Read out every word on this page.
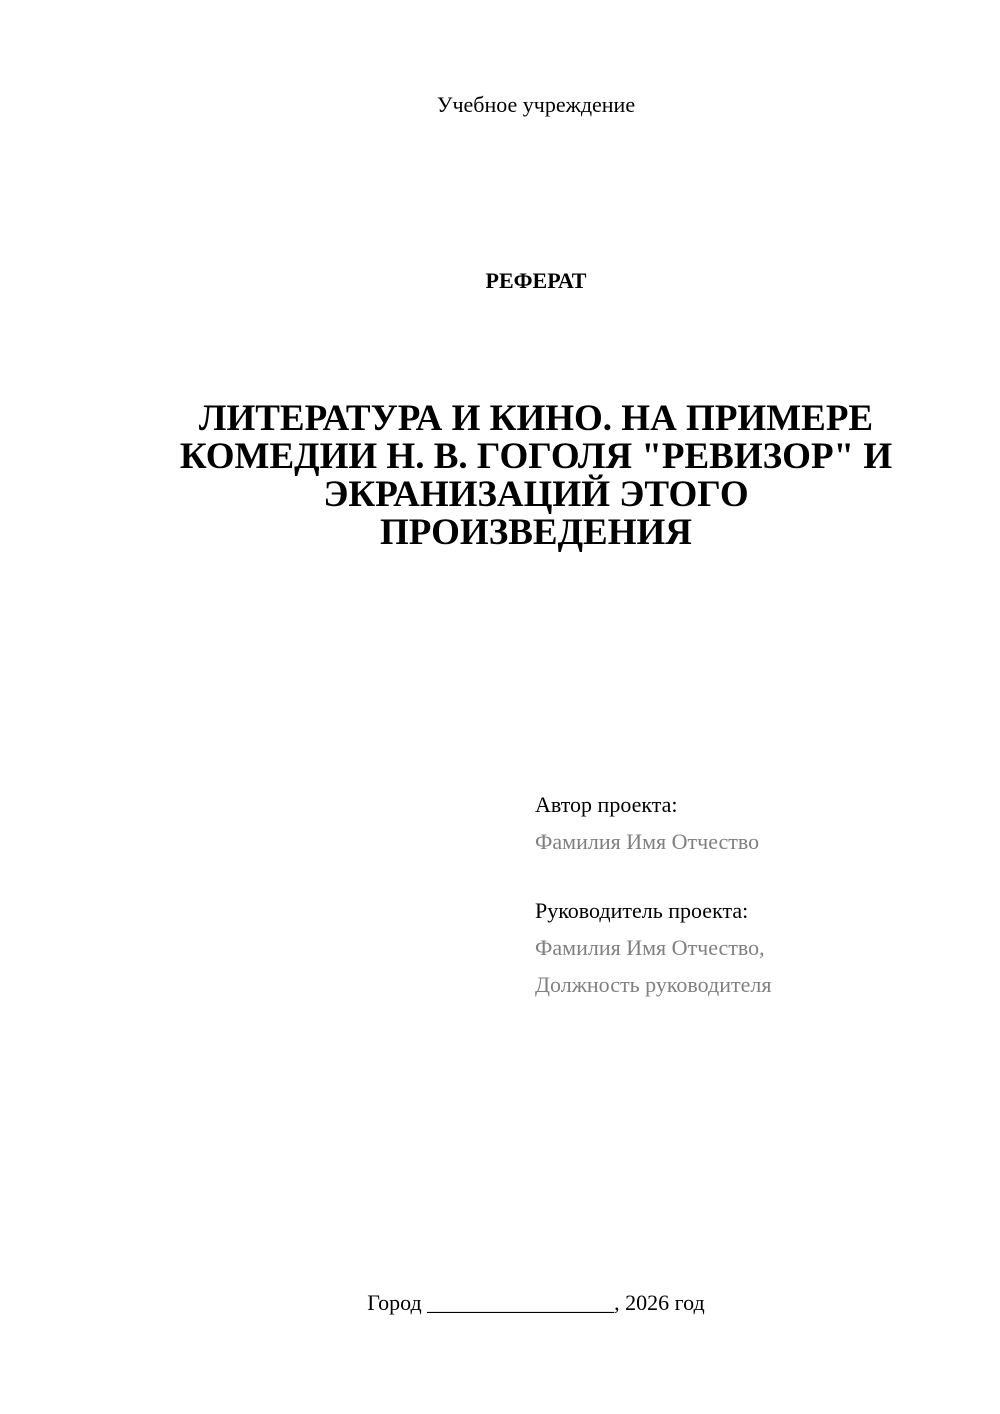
Учебное учреждение
РЕФЕРАТ
ЛИТЕРАТУРА И КИНО. НА ПРИМЕРЕ
КОМЕДИИ Н. В. ГОГОЛЯ "РЕВИЗОР" И
ЭКРАНИЗАЦИЙ ЭТОГО
ПРОИЗВЕДЕНИЯ
Автор проекта:
Фамилия Имя Отчество
Руководитель проекта:
Фамилия Имя Отчество,
Должность руководителя
Город _________________, 2026 год
